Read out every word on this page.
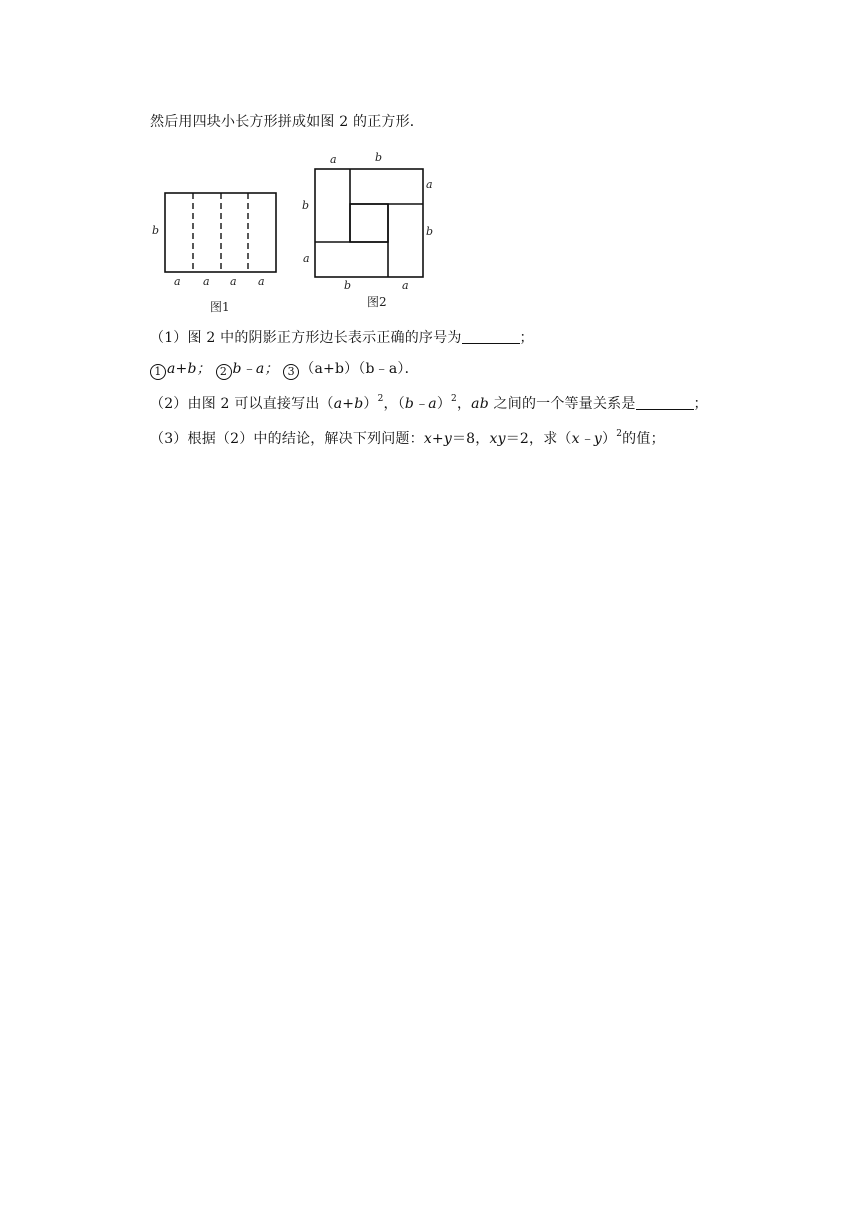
然后用四块小长方形拼成如图 2 的正方形．
b
a a a a
图1
a	b
a
b
b
a
b	a
图2
（1）图 2 中的阴影正方形边长表示正确的序号为	；
1 a+b； 2 b﹣a； 3 （a+b）（b﹣a）．
（2）由图 2 可以直接写出$(a+b)^2$，（b﹣a）$^2$，ab 之间的一个等量关系是	；
（3）根据（2）中的结论，解决下列问题：x+y＝8，xy＝2，求（x﹣y）$^2$的值；
